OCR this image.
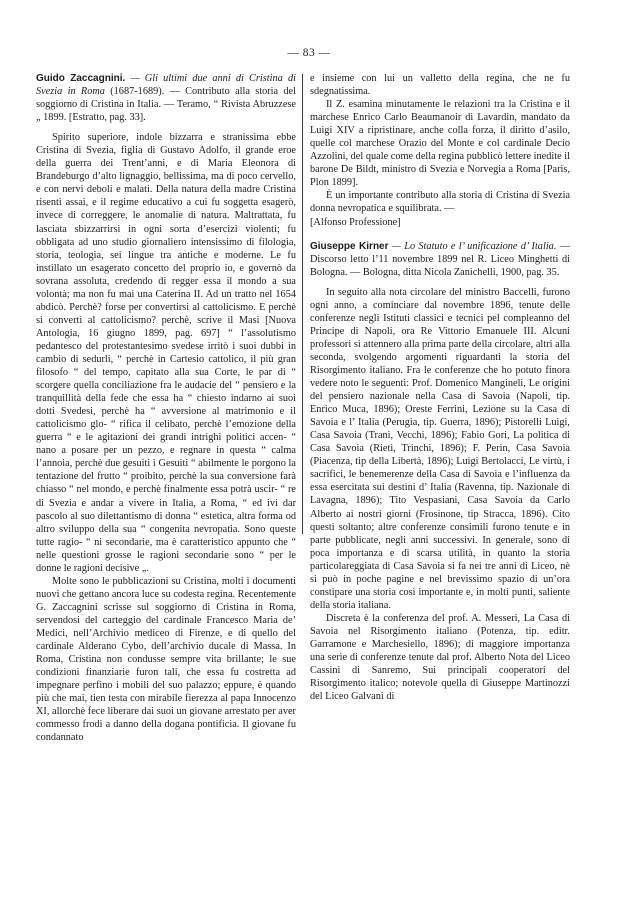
— 83 —

Guido Zaccagnini. — Gli ultimi due anni di Cristina di Svezia in Roma (1687-1689). — Contributo alla storia del soggiorno di Cristina in Italia. — Teramo, “ Rivista Abruzzese „ 1899. [Estratto, pag. 33].

Spirito superiore, indole bizzarra e stranissima ebbe Cristina di Svezia, figlia di Gustavo Adolfo, il grande eroe della guerra dei Trent’anni, e di Maria Eleonora di Brandeburgo d’alto lignaggio, bellissima, ma di poco cervello, e con nervi deboli e malati. Della natura della madre Cristina risentì assai, e il regime educativo a cui fu soggetta esagerò, invece di correggere, le anomalie di natura. Maltrattata, fu lasciata sbizzarrirsi in ogni sorta d’esercizi violenti; fu obbligata ad uno studio giornaliero intensissimo di filologia, storia, teologia, sei lingue tra antiche e moderne. Le fu instillato un esagerato concetto del proprio io, e governò da sovrana assoluta, credendo di regger essa il mondo a sua volontà; ma non fu mai una Caterina II. Ad un tratto nel 1654 abdicò. Perchè? forse per convertirsi al cattolicismo. E perchè si convertì al cattolicismo? perchè, scrive il Masi [Nuova Antologia, 16 giugno 1899, pag. 697] “ l’assolutismo pedantesco del protestantesimo svedese irritò i suoi dubbi in cambio di sedurli, “ perchè in Cartesio cattolico, il più gran filosofo “ del tempo, capitato alla sua Corte, le par di “ scorgere quella conciliazione fra le audacie del “ pensiero e la tranquillità della fede che essa ha “ chiesto indarno ai suoi dotti Svedesi, perchè ha “ avversione al matrimonio e il cattolicismo glo- “ rifica il celibato, perchè l’emozione della guerra “ e le agitazioni dei grandi intrighi politici accen- “ nano a posare per un pezzo, e regnare in questa “ calma l’annoia, perchè due gesuiti i Gesuiti “ abilmente le porgono la tentazione del frutto “ proibito, perchè la sua conversione farà chiasso “ nel mondo, e perchè finalmente essa potrà uscir- “ re di Svezia e andar a vivere in Italia, a Roma, “ ed ivi dar pascolo al suo dilettantismo di donna “ estetica, altra forma od altro sviluppo della sua “ congenita nevropatia. Sono queste tutte ragio- “ ni secondarie, ma è caratteristico appunto che “ nelle questioni grosse le ragioni secondarie sono “ per le donne le ragioni decisive „.

Molte sono le pubblicazioni su Cristina, molti i documenti nuovi che gettano ancora luce su codesta regina. Recentemente G. Zaccagnini scrisse sul soggiorno di Cristina in Roma, servendosi del carteggio del cardinale Francesco Maria de’ Medici, nell’Archivio mediceo di Firenze, e di quello del cardinale Alderano Cybo, dell’archivio ducale di Massa. In Roma, Cristina non condusse sempre vita brillante; le sue condizioni finanziarie furon tali, che essa fu costretta ad impegnare perfino i mobili del suo palazzo; eppure, è quando più che mai, tien testa con mirabile fierezza al papa Innocenzo XI, allorchè fece liberare dai suoi un giovane arrestato per aver commesso frodi a danno della dogana pontificia. Il giovane fu condannato

e insieme con lui un valletto della regina, che ne fu sdegnatissima.

Il Z. esamina minutamente le relazioni tra la Cristina e il marchese Enrico Carlo Beaumanoir di Lavardin, mandato da Luigi XIV a ripristinare, anche colla forza, il diritto d’asilo, quelle col marchese Orazio del Monte e col cardinale Decio Azzolini, del quale come della regina pubblicò lettere inedite il barone De Bildt, ministro di Svezia e Norvegia a Roma [Paris, Plon 1899].

È un importante contributo alla storia di Cristina di Svezia donna nevropatica e squilibrata. —

[Alfonso Professione]

Giuseppe Kirner — Lo Statuto e l’ unificazione d’ Italia. — Discorso letto l’11 novembre 1899 nel R. Liceo Minghetti di Bologna. — Bologna, ditta Nicola Zanichelli, 1900, pag. 35.

In seguito alla nota circolare del ministro Baccelli, furono ogni anno, a cominciare dal novembre 1896, tenute delle conferenze negli Istituti classici e tecnici pel compleanno del Principe di Napoli, ora Re Vittorio Emanuele III. Alcuni professori si attennero alla prima parte della circolare, altri alla seconda, svolgendo argomenti riguardanti la storia del Risorgimento italiano. Fra le conferenze che ho potuto finora vedere noto le seguenti: Prof. Domenico Mangineli, Le origini del pensiero nazionale nella Casa di Savoia (Napoli, tip. Enrico Muca, 1896); Oreste Ferrini, Lezione su la Casa di Savoia e l’ Italia (Perugia, tip. Guerra, 1896); Pistorelli Luigi, Casa Savoia (Trani, Vecchi, 1896); Fabio Gori, La politica di Casa Savoia (Rieti, Trinchi, 1896); F. Perin, Casa Savoia (Piacenza, tip della Libertà, 1896); Luigi Bertolacci, Le virtù, i sacrifici, le benemerenze della Casa di Savoia e l’influenza da essa esercitata sui destini d’ Italia (Ravenna, tip. Nazionale di Lavagna, 1896); Tito Vespasiani, Casa Savoia da Carlo Alberto ai nostri giorni (Frosinone, tip Stracca, 1896). Cito questi soltanto; altre conferenze consimili furono tenute e in parte pubblicate, negli anni successivi. In generale, sono di poca importanza e di scarsa utilità, in quanto la storia particolareggiata di Casa Savoia si fa nei tre anni di Liceo, nè si può in poche pagine e nel brevissimo spazio di un’ora constipare una storia così importante e, in molti punti, saliente della storia italiana.

Discreta è la conferenza del prof. A. Messeri, La Casa di Savoia nel Risorgimento italiano (Potenza, tip. editr. Garramone e Marchesiello, 1896); di maggiore importanza una serie di conferenze tenute dal prof. Alberto Nota del Liceo Cassini di Sanremo, Sui principali cooperatori del Risorgimento italico; notevole quella di Giuseppe Martinozzi del Liceo Galvani di
